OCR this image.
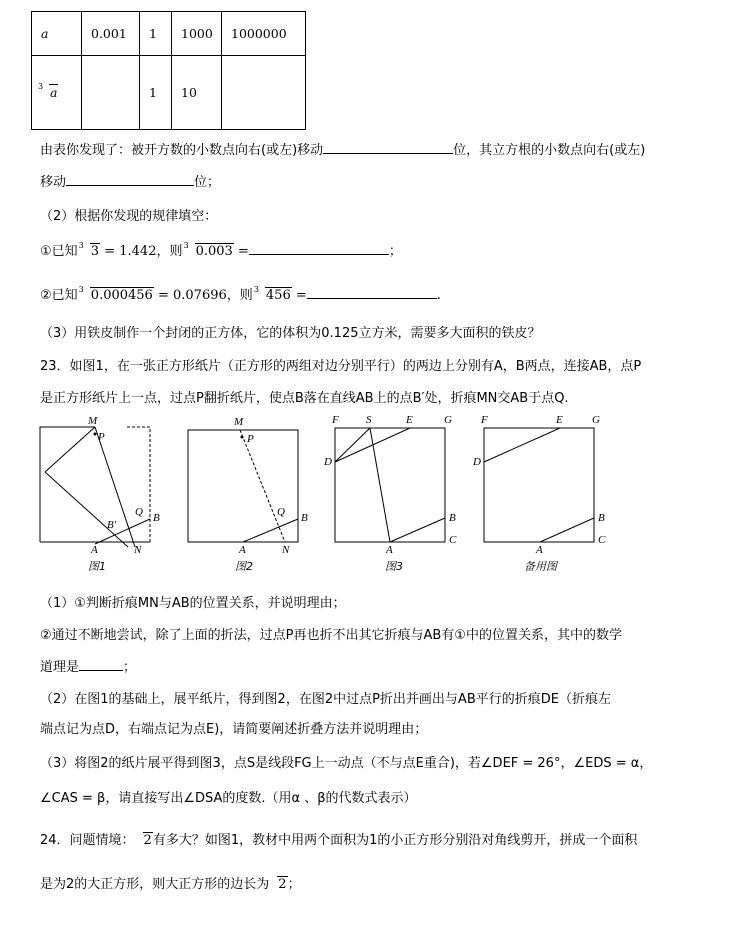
a	0.001	1	1000	1000000

3 a		1	10	
由表你发现了：被开方数的小数点向右(或左)移动	位，其立方根的小数点向右(或左)
移动	位；
（2）根据你发现的规律填空：
①已知 3 3 = 1.442，则 3 0.003 =	；
②已知 3 0.000456 = 0.07696，则 3 456 =	.
（3）用铁皮制作一个封闭的正方体，它的体积为0.125立方米，需要多大面积的铁皮？
23．如图1，在一张正方形纸片（正方形的两组对边分别平行）的两边上分别有A，B两点，连接AB，点P
是正方形纸片上一点，过点P翻折纸片，使点B落在直线AB上的点B′处，折痕MN交AB于点Q.
M
P
Q B
B′
A	N
图1
M
P
Q B
A	N
图2
F S	E	G
D
B
C
A
图3
F	E	G
D
B
C
A
备用图
（1）①判断折痕MN与AB的位置关系，并说明理由；
②通过不断地尝试，除了上面的折法，过点P再也折不出其它折痕与AB有①中的位置关系，其中的数学
道理是	；
（2）在图1的基础上，展平纸片，得到图2，在图2中过点P折出并画出与AB平行的折痕DE（折痕左
端点记为点D，右端点记为点E)，请简要阐述折叠方法并说明理由；
（3）将图2的纸片展平得到图3，点S是线段FG上一动点（不与点E重合)，若∠DEF = 26°，∠EDS = α，
∠CAS = β，请直接写出∠DSA的度数.（用α 、β的代数式表示）
24．问题情境： 2有多大？如图1，教材中用两个面积为1的小正方形分别沿对角线剪开，拼成一个面积
是为2的大正方形，则大正方形的边长为 2；
